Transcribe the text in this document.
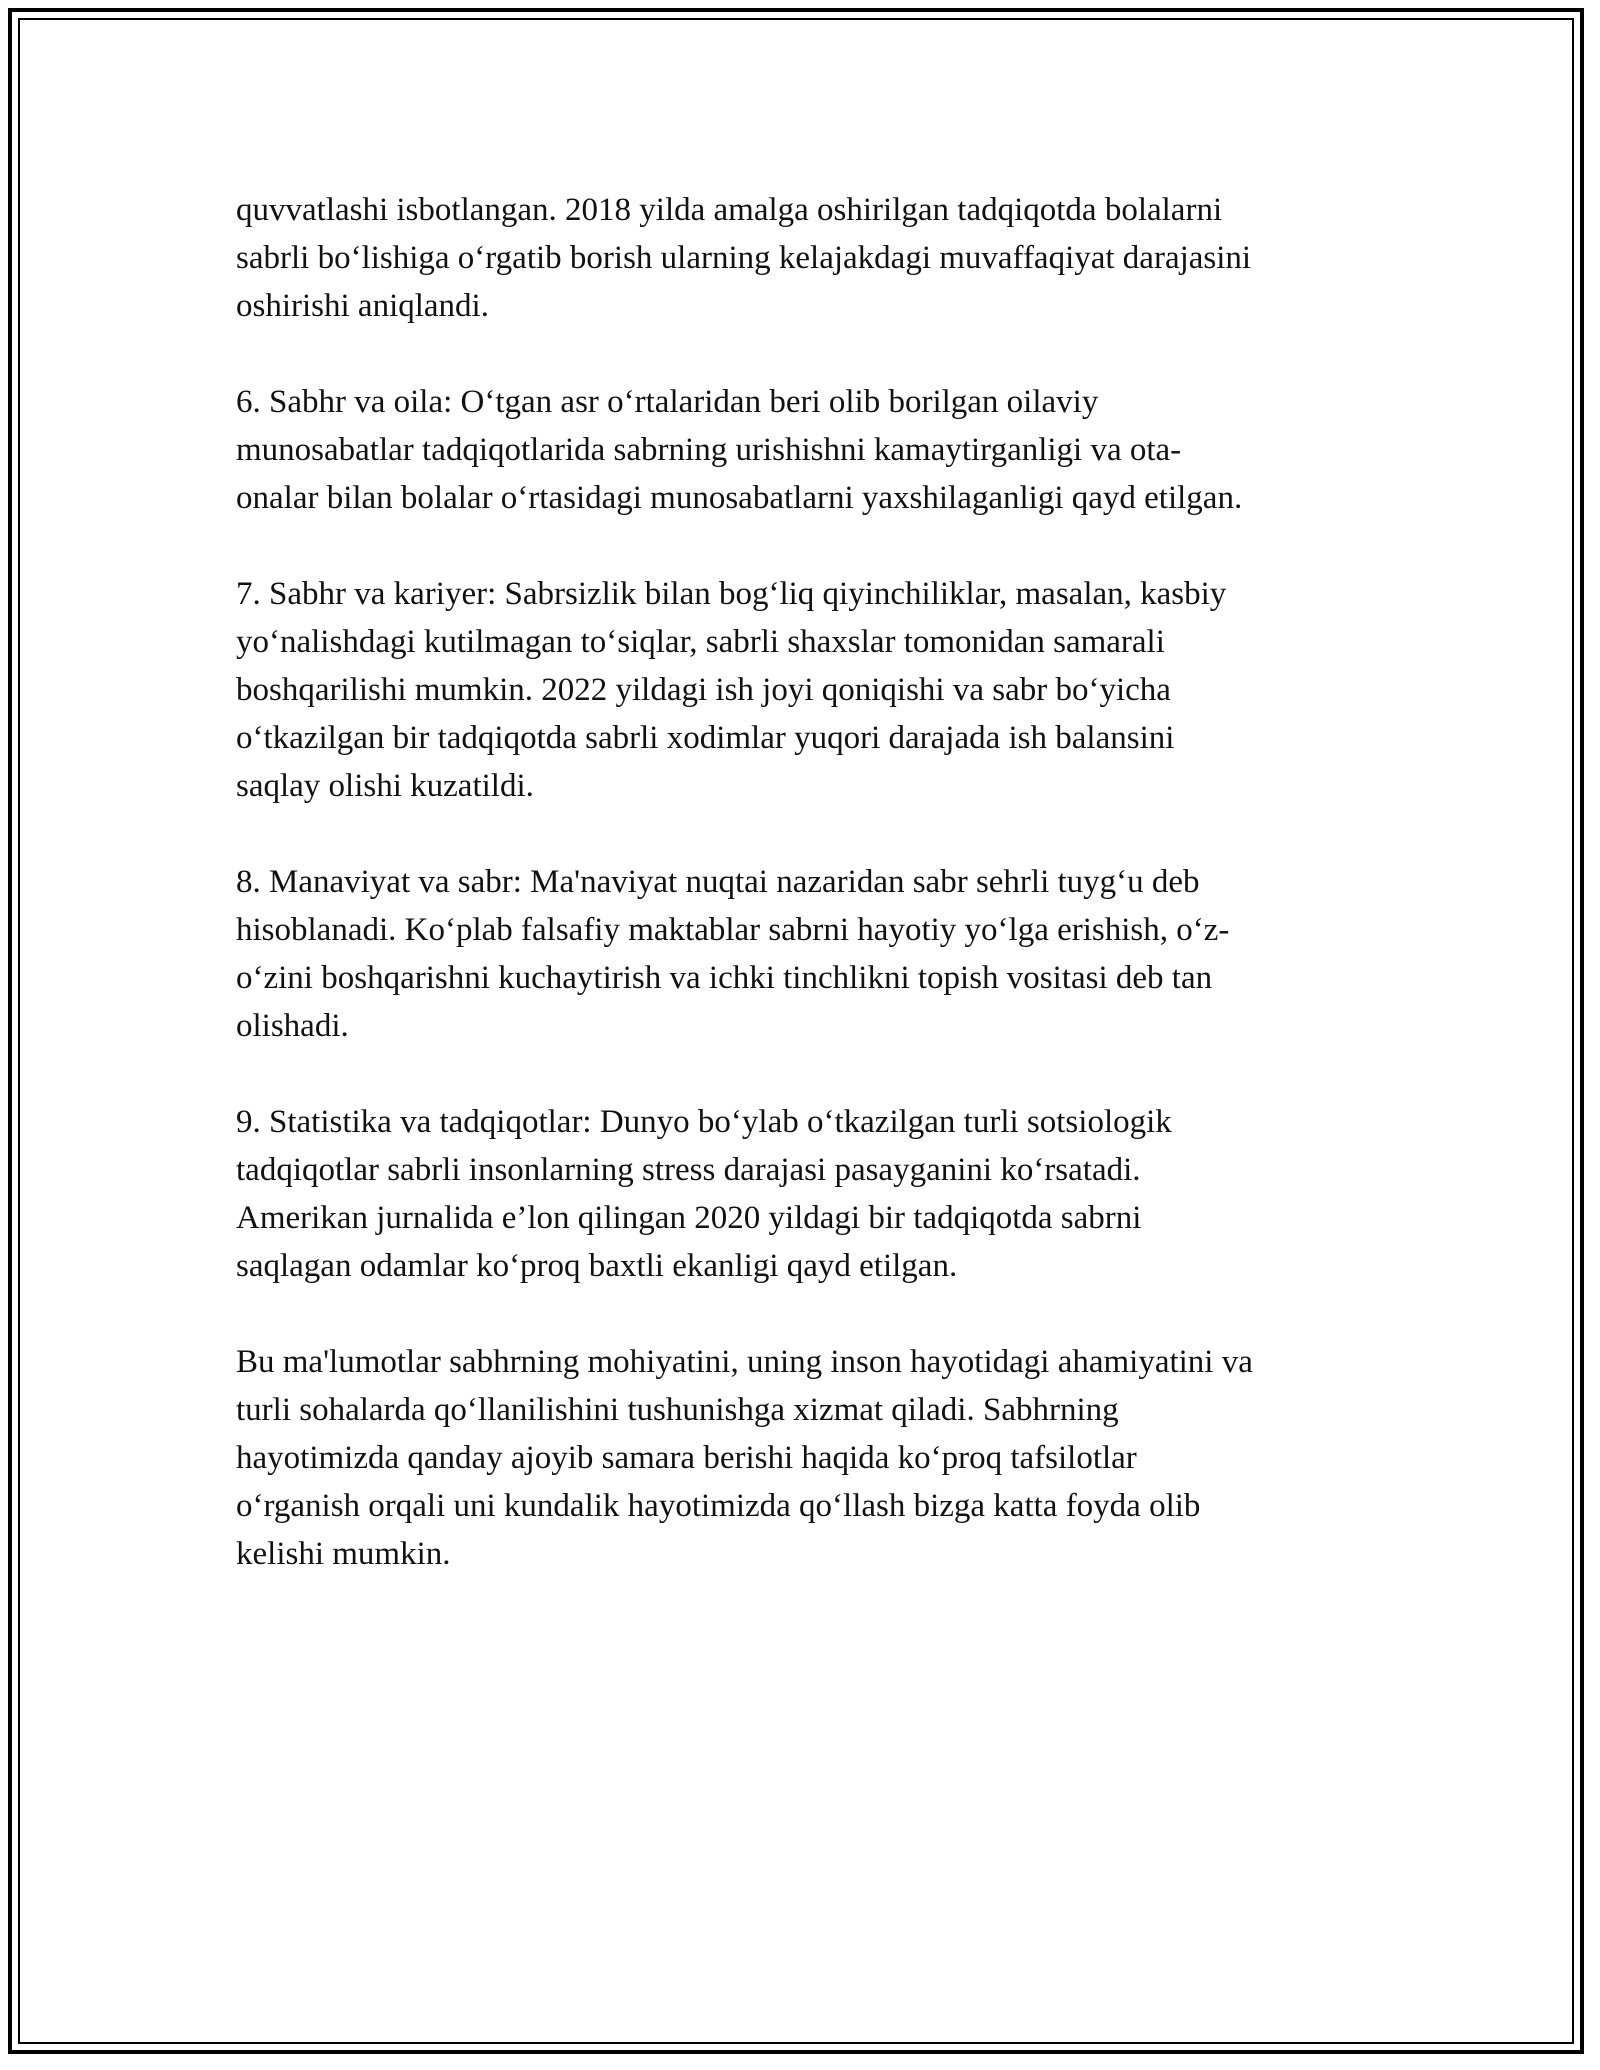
quvvatlashi isbotlangan. 2018 yilda amalga oshirilgan tadqiqotda bolalarni
sabrli bo‘lishiga o‘rgatib borish ularning kelajakdagi muvaffaqiyat darajasini
oshirishi aniqlandi.

6. Sabhr va oila: O‘tgan asr o‘rtalaridan beri olib borilgan oilaviy
munosabatlar tadqiqotlarida sabrning urishishni kamaytirganligi va ota-
onalar bilan bolalar o‘rtasidagi munosabatlarni yaxshilaganligi qayd etilgan.

7. Sabhr va kariyer: Sabrsizlik bilan bog‘liq qiyinchiliklar, masalan, kasbiy
yo‘nalishdagi kutilmagan to‘siqlar, sabrli shaxslar tomonidan samarali
boshqarilishi mumkin. 2022 yildagi ish joyi qoniqishi va sabr bo‘yicha
o‘tkazilgan bir tadqiqotda sabrli xodimlar yuqori darajada ish balansini
saqlay olishi kuzatildi.

8. Manaviyat va sabr: Ma'naviyat nuqtai nazaridan sabr sehrli tuyg‘u deb
hisoblanadi. Ko‘plab falsafiy maktablar sabrni hayotiy yo‘lga erishish, o‘z-
o‘zini boshqarishni kuchaytirish va ichki tinchlikni topish vositasi deb tan
olishadi.

9. Statistika va tadqiqotlar: Dunyo bo‘ylab o‘tkazilgan turli sotsiologik
tadqiqotlar sabrli insonlarning stress darajasi pasayganini ko‘rsatadi.
Amerikan jurnalida e’lon qilingan 2020 yildagi bir tadqiqotda sabrni
saqlagan odamlar ko‘proq baxtli ekanligi qayd etilgan.

Bu ma'lumotlar sabhrning mohiyatini, uning inson hayotidagi ahamiyatini va
turli sohalarda qo‘llanilishini tushunishga xizmat qiladi. Sabhrning
hayotimizda qanday ajoyib samara berishi haqida ko‘proq tafsilotlar
o‘rganish orqali uni kundalik hayotimizda qo‘llash bizga katta foyda olib
kelishi mumkin.
